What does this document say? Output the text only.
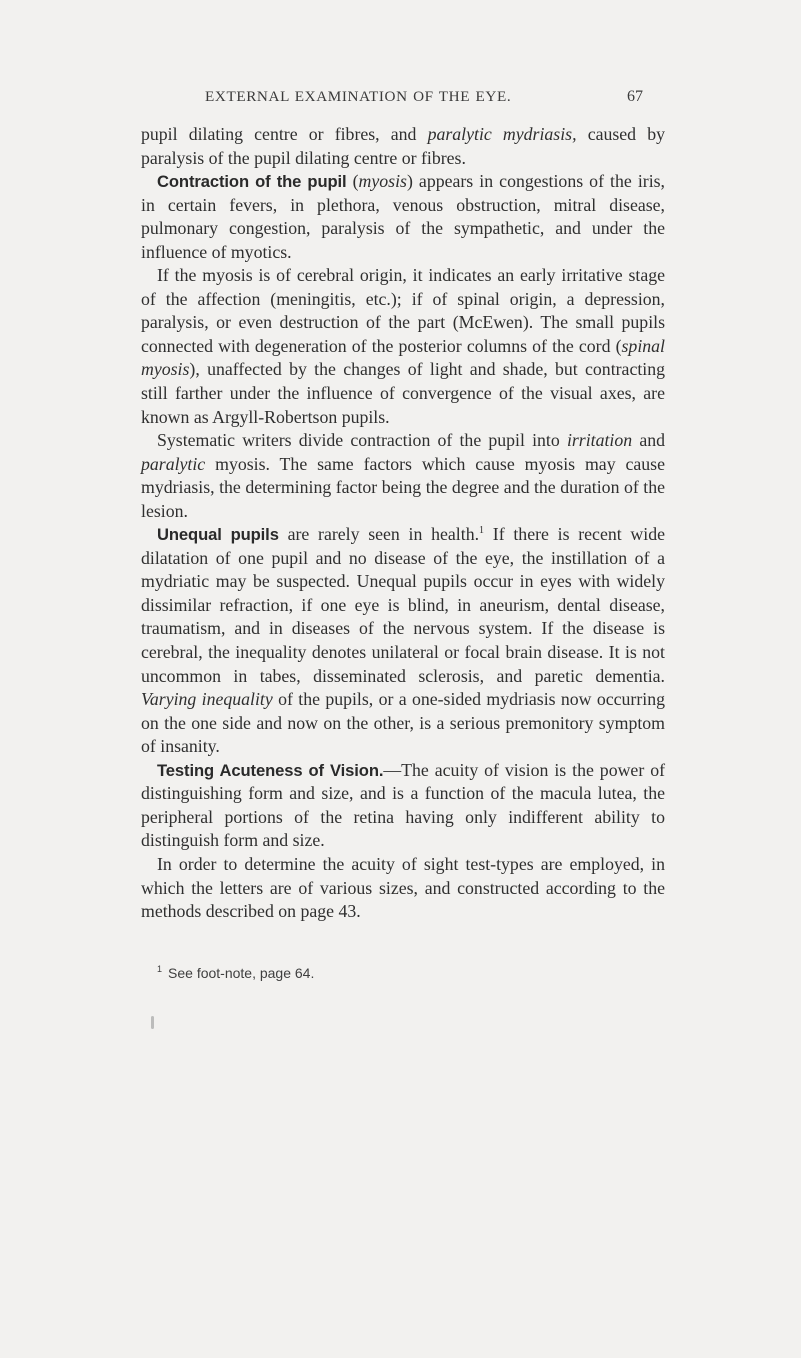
EXTERNAL EXAMINATION OF THE EYE.	67

pupil dilating centre or fibres, and paralytic mydriasis, caused by paralysis of the pupil dilating centre or fibres.

Contraction of the pupil (myosis) appears in congestions of the iris, in certain fevers, in plethora, venous obstruction, mitral disease, pulmonary congestion, paralysis of the sympathetic, and under the influence of myotics.

If the myosis is of cerebral origin, it indicates an early irritative stage of the affection (meningitis, etc.); if of spinal origin, a depression, paralysis, or even destruction of the part (McEwen). The small pupils connected with degeneration of the posterior columns of the cord (spinal myosis), unaffected by the changes of light and shade, but contracting still farther under the influence of convergence of the visual axes, are known as Argyll-Robertson pupils.

Systematic writers divide contraction of the pupil into irritation and paralytic myosis. The same factors which cause myosis may cause mydriasis, the determining factor being the degree and the duration of the lesion.

Unequal pupils are rarely seen in health.$^1$ If there is recent wide dilatation of one pupil and no disease of the eye, the instillation of a mydriatic may be suspected. Unequal pupils occur in eyes with widely dissimilar refraction, if one eye is blind, in aneurism, dental disease, traumatism, and in diseases of the nervous system. If the disease is cerebral, the inequality denotes unilateral or focal brain disease. It is not uncommon in tabes, disseminated sclerosis, and paretic dementia. Varying inequality of the pupils, or a one-sided mydriasis now occurring on the one side and now on the other, is a serious premonitory symptom of insanity.

Testing Acuteness of Vision.—The acuity of vision is the power of distinguishing form and size, and is a function of the macula lutea, the peripheral portions of the retina having only indifferent ability to distinguish form and size.

In order to determine the acuity of sight test-types are employed, in which the letters are of various sizes, and constructed according to the methods described on page 43.

$^1$ See foot-note, page 64.
